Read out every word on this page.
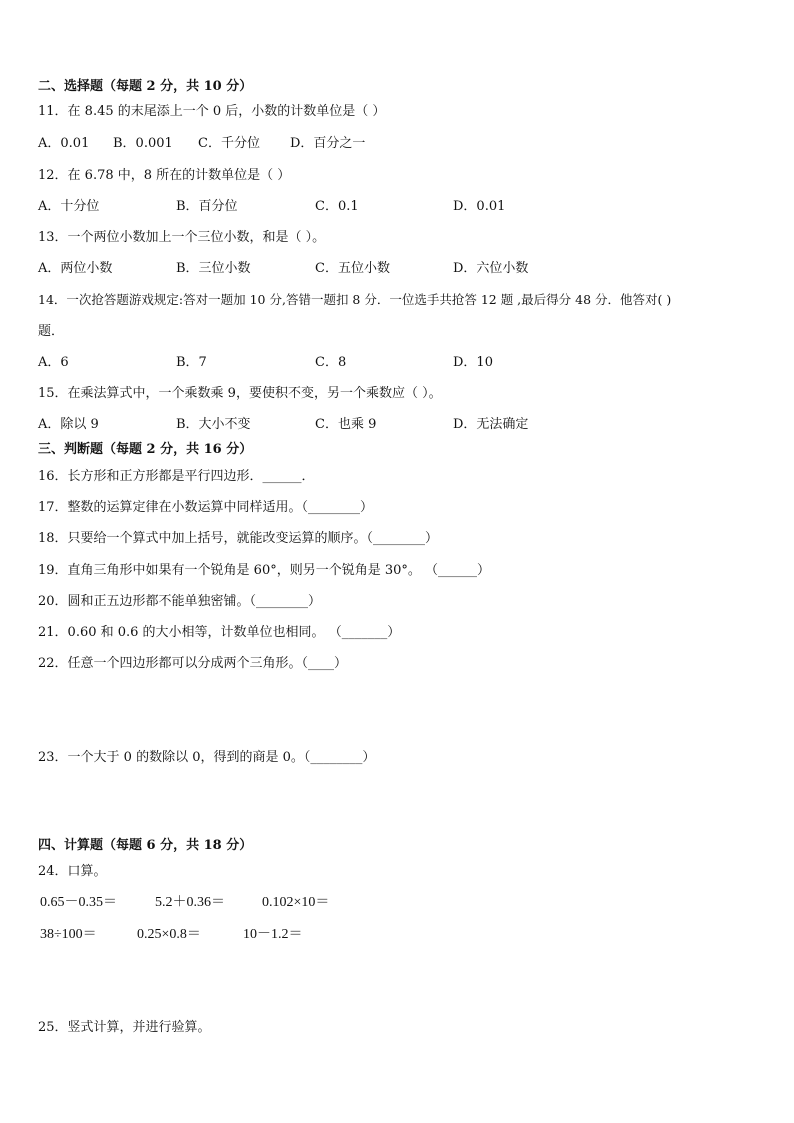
二、选择题（每题 2 分，共 10 分）
11．在 8.45 的末尾添上一个 0 后，小数的计数单位是（ ）
A．0.01 B．0.001 C．千分位 D．百分之一
12．在 6.78 中，8 所在的计数单位是（ ）
A．十分位	B．百分位	C．0.1	D．0.01
13．一个两位小数加上一个三位小数，和是（ ）。
A．两位小数	B．三位小数	C．五位小数	D．六位小数
14．一次抢答题游戏规定:答对一题加 10 分,答错一题扣 8 分．一位选手共抢答 12 题 ,最后得分 48 分．他答对( )
题．
A．6	B．7	C．8	D．10
15．在乘法算式中，一个乘数乘 9，要使积不变，另一个乘数应（ ）。
A．除以 9	B．大小不变	C．也乘 9	D．无法确定
三、判断题（每题 2 分，共 16 分）
16．长方形和正方形都是平行四边形．______．
17．整数的运算定律在小数运算中同样适用。（________）
18．只要给一个算式中加上括号，就能改变运算的顺序。（________）
19．直角三角形中如果有一个锐角是 60°，则另一个锐角是 30°。 （______）
20．圆和正五边形都不能单独密铺。（________）
21．0.60 和 0.6 的大小相等，计数单位也相同。 （_______）
22．任意一个四边形都可以分成两个三角形。（____）
23．一个大于 0 的数除以 0，得到的商是 0。（________）
四、计算题（每题 6 分，共 18 分）
24．口算。
0.65－0.35＝	5.2＋0.36＝	0.102×10＝
38÷100＝	0.25×0.8＝	10－1.2＝
25．竖式计算，并进行验算。
